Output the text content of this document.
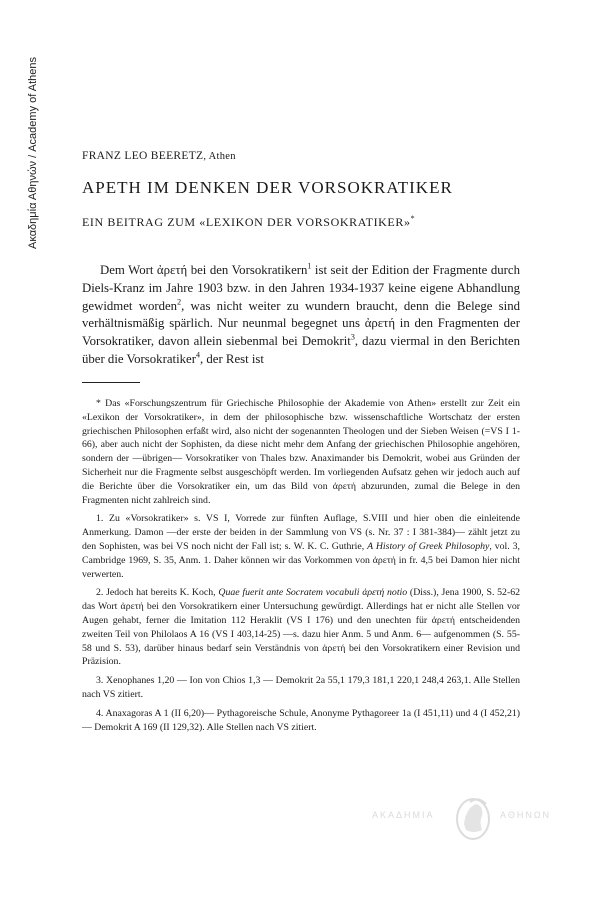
Ακαδημία Αθηνών / Academy of Athens	FRANZ LEO BEERETZ, Athen
APETH IM DENKEN DER VORSOKRATIKER
EIN BEITRAG ZUM «LEXIKON DER VORSOKRATIKER»*

Dem Wort ἀρετή bei den Vorsokratikern$^1$ ist seit der Edition der Fragmente durch Diels-Kranz im Jahre 1903 bzw. in den Jahren 1934-1937 keine eigene Abhandlung gewidmet worden$^2$, was nicht weiter zu wundern braucht, denn die Belege sind verhältnismäßig spärlich. Nur neunmal begegnet uns ἀρετή in den Fragmenten der Vorsokratiker, davon allein siebenmal bei Demokrit$^3$, dazu viermal in den Berichten über die Vorsokratiker$^4$, der Rest ist

* Das «Forschungszentrum für Griechische Philosophie der Akademie von Athen» erstellt zur Zeit ein «Lexikon der Vorsokratiker», in dem der philosophische bzw. wissenschaftliche Wortschatz der ersten griechischen Philosophen erfaßt wird, also nicht der sogenannten Theologen und der Sieben Weisen (=VS I 1-66), aber auch nicht der Sophisten, da diese nicht mehr dem Anfang der griechischen Philosophie angehören, sondern der —übrigen— Vorsokratiker von Thales bzw. Anaximander bis Demokrit, wobei aus Gründen der Sicherheit nur die Fragmente selbst ausgeschöpft werden. Im vorliegenden Aufsatz gehen wir jedoch auch auf die Berichte über die Vorsokratiker ein, um das Bild von ἀρετή abzurunden, zumal die Belege in den Fragmenten nicht zahlreich sind.

1. Zu «Vorsokratiker» s. VS I, Vorrede zur fünften Auflage, S.VIII und hier oben die einleitende Anmerkung. Damon —der erste der beiden in der Sammlung von VS (s. Nr. 37 : I 381-384)— zählt jetzt zu den Sophisten, was bei VS noch nicht der Fall ist; s. W. K. C. Guthrie, A History of Greek Philosophy, vol. 3, Cambridge 1969, S. 35, Anm. 1. Daher können wir das Vorkommen von ἀρετή in fr. 4,5 bei Damon hier nicht verwerten.

2. Jedoch hat bereits K. Koch, Quae fuerit ante Socratem vocabuli ἀρετή notio (Diss.), Jena 1900, S. 52-62 das Wort ἀρετή bei den Vorsokratikern einer Untersuchung gewürdigt. Allerdings hat er nicht alle Stellen vor Augen gehabt, ferner die Imitation 112 Heraklit (VS I 176) und den unechten für ἀρετή entscheidenden zweiten Teil von Philolaos A 16 (VS I 403,14-25) —s. dazu hier Anm. 5 und Anm. 6— aufgenommen (S. 55-58 und S. 53), darüber hinaus bedarf sein Verständnis von ἀρετή bei den Vorsokratikern einer Revision und Präzision.

3. Xenophanes 1,20 — Ion von Chios 1,3 — Demokrit 2a 55,1 179,3 181,1 220,1 248,4 263,1. Alle Stellen nach VS zitiert.

4. Anaxagoras A 1 (II 6,20)— Pythagoreische Schule, Anonyme Pythagoreer 1a (I 451,11) und 4 (I 452,21) — Demokrit A 169 (II 129,32). Alle Stellen nach VS zitiert.

ΑΚΑΔΗΜΙΑ	ΑΘΗΝΩΝ
